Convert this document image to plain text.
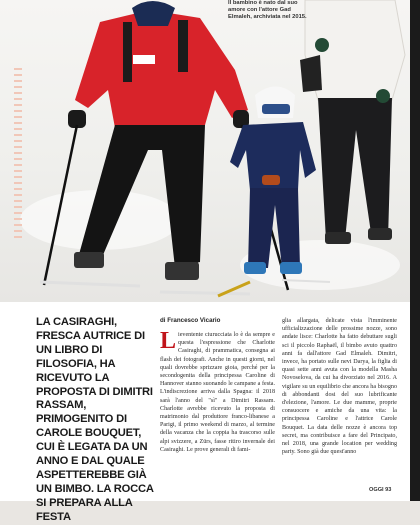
Il bambino è nato dal suo amore con l'attore Gad Elmaleh, archiviata nel 2015.
LA CASIRAGHI, FRESCA AUTRICE DI UN LIBRO DI FILOSOFIA, HA RICEVUTO LA PROPOSTA DI DIMITRI RASSAM, PRIMOGENITO DI CAROLE BOUQUET, CUI È LEGATA DA UN ANNO E DAL QUALE ASPETTEREBBE GIÀ UN BIMBO. LA ROCCA SI PREPARA ALLA FESTA
di Francesco Vicario
Lieventente ciurucciata lo è da sempre e questa l'espressione che Charlotte Casiraghi, di prammatica, consegna ai flash dei fotografi. Anche in questi giorni, nel quali dovrebbe sprizzare gioia, perché per la secondogenita della principessa Caroline di Hannover stanno suonando le campane a festa. L'indiscrezione arriva dalla Spagna: il 2018 sarà l'anno del "sì" a Dimitri Rassam. Charlotte avrebbe ricevuto la proposta di matrimonio dal produttore franco-libanese a Parigi, il primo weekend di marzo, al termine della vacanza che la coppia ha trascorso sulle alpi svizzere, a Zürs, fasse ritiro invernale dei Casiraghi. Le prove generali di fami-
glia allargata, delicate vista l'imminente ufficializzazione delle prossime nozze, sono andate lisce: Charlotte ha fatto debuttare sugli sci il piccolo Raphaël, il bimbo avuto quattro anni fa dall'attore Gad Elmaleh. Dimitri, invece, ha portato sulle nevi Darya, la figlia di quasi sette anni avuta con la modella Masha Novoselova, da cui ha divorziato nel 2016. A vigilare su un equilibrio che ancora ha bisogno di abbondanti dosi del suo lubrificante d'elezione, l'amore. Le due mamme, proprie consuocere e amiche da una vita: la principessa Caroline e l'attrice Carole Bouquet. La data delle nozze è ancora top secret, ma contribuisce a fare del Principato, nel 2018, una grande location per wedding party. Sono già due quest'anno
OGGI 93
